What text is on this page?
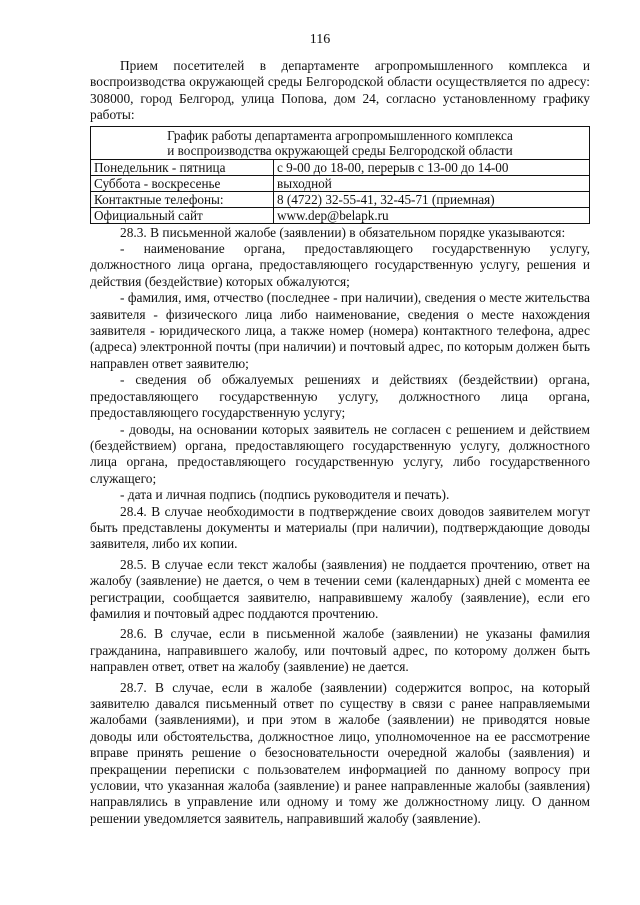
116

Прием посетителей в департаменте агропромышленного комплекса и воспроизводства окружающей среды Белгородской области осуществляется по адресу: 308000, город Белгород, улица Попова, дом 24, согласно установленному графику работы:

График работы департамента агропромышленного комплекса
и воспроизводства окружающей среды Белгородской области	

Понедельник - пятница	с 9-00 до 18-00, перерыв с 13-00 до 14-00
Суббота - воскресенье	выходной
Контактные телефоны:	8 (4722) 32-55-41, 32-45-71 (приемная)
Официальный сайт	www.dep@belapk.ru

28.3. В письменной жалобе (заявлении) в обязательном порядке указываются:

- наименование органа, предоставляющего государственную услугу, должностного лица органа, предоставляющего государственную услугу, решения и действия (бездействие) которых обжалуются;

- фамилия, имя, отчество (последнее - при наличии), сведения о месте жительства заявителя - физического лица либо наименование, сведения о месте нахождения заявителя - юридического лица, а также номер (номера) контактного телефона, адрес (адреса) электронной почты (при наличии) и почтовый адрес, по которым должен быть направлен ответ заявителю;

- сведения об обжалуемых решениях и действиях (бездействии) органа, предоставляющего государственную услугу, должностного лица органа, предоставляющего государственную услугу;

- доводы, на основании которых заявитель не согласен с решением и действием (бездействием) органа, предоставляющего государственную услугу, должностного лица органа, предоставляющего государственную услугу, либо государственного служащего;

- дата и личная подпись (подпись руководителя и печать).

28.4. В случае необходимости в подтверждение своих доводов заявителем могут быть представлены документы и материалы (при наличии), подтверждающие доводы заявителя, либо их копии.

28.5. В случае если текст жалобы (заявления) не поддается прочтению, ответ на жалобу (заявление) не дается, о чем в течении семи (календарных) дней с момента ее регистрации, сообщается заявителю, направившему жалобу (заявление), если его фамилия и почтовый адрес поддаются прочтению.

28.6. В случае, если в письменной жалобе (заявлении) не указаны фамилия гражданина, направившего жалобу, или почтовый адрес, по которому должен быть направлен ответ, ответ на жалобу (заявление) не дается.

28.7. В случае, если в жалобе (заявлении) содержится вопрос, на который заявителю давался письменный ответ по существу в связи с ранее направляемыми жалобами (заявлениями), и при этом в жалобе (заявлении) не приводятся новые доводы или обстоятельства, должностное лицо, уполномоченное на ее рассмотрение вправе принять решение о безосновательности очередной жалобы (заявления) и прекращении переписки с пользователем информацией по данному вопросу при условии, что указанная жалоба (заявление) и ранее направленные жалобы (заявления) направлялись в управление или одному и тому же должностному лицу. О данном решении уведомляется заявитель, направивший жалобу (заявление).
